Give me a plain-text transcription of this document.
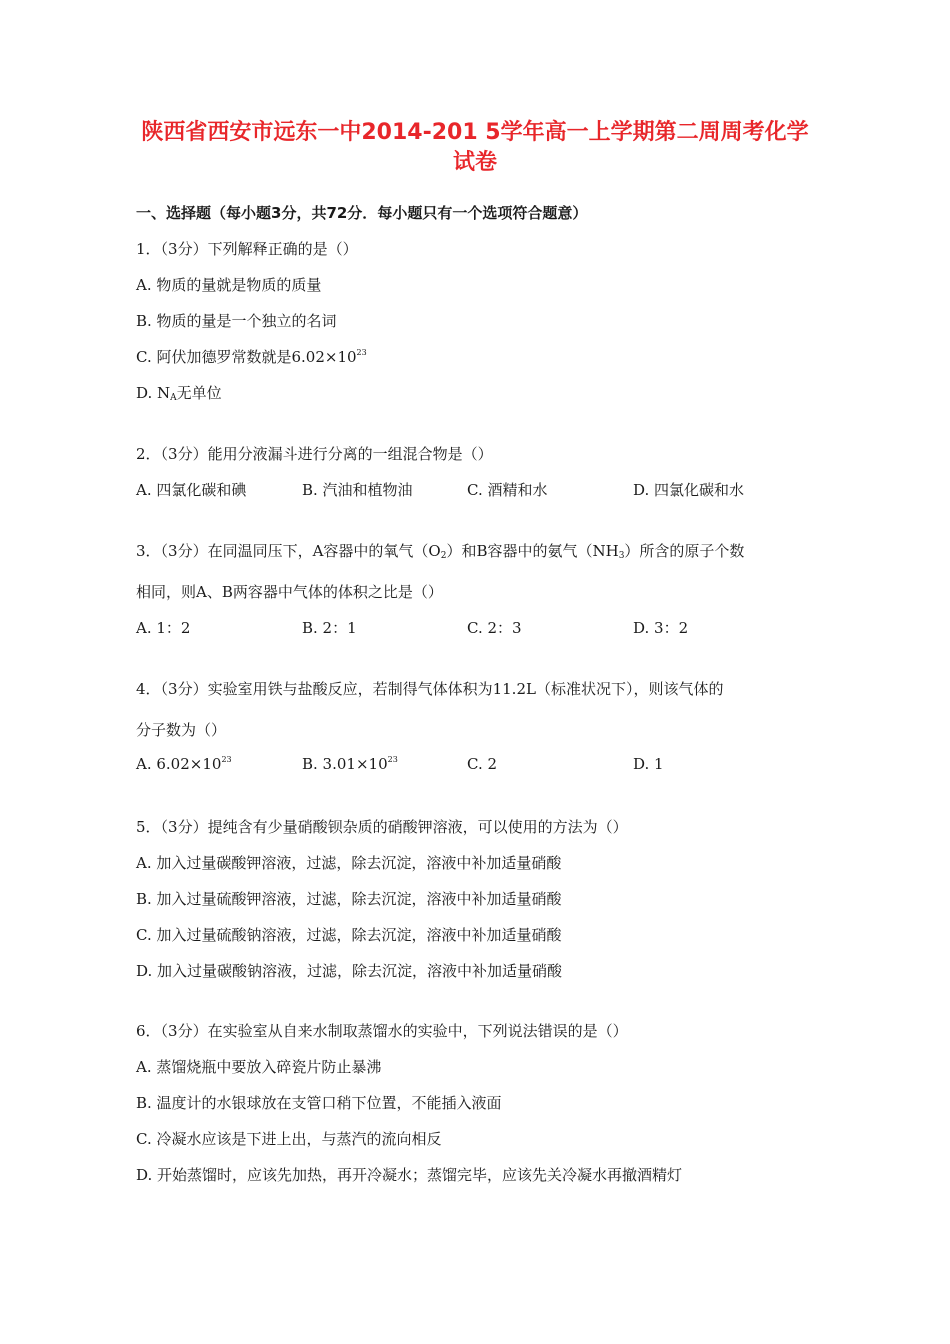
陕西省西安市远东一中2014-201 5学年高一上学期第二周周考化学
试卷
一、选择题（每小题3分，共72分．每小题只有一个选项符合题意）
1．（3分）下列解释正确的是（）
A. 物质的量就是物质的质量
B. 物质的量是一个独立的名词
C. 阿伏加德罗常数就是$6.02\times 10^{23}$
D. $N_A$无单位
2．（3分）能用分液漏斗进行分离的一组混合物是（）
A. 四氯化碳和碘	B. 汽油和植物油	C. 酒精和水	D. 四氯化碳和水
3．（3分）在同温同压下，A容器中的氧气$(O_2)$和B容器中的氨气$(NH_3)$所含的原子个数
相同，则A、B两容器中气体的体积之比是（）
A. 1：2	B. 2：1	C. 2：3	D. 3：2
4．（3分）实验室用铁与盐酸反应，若制得气体体积为11.2L（标准状况下），则该气体的
分子数为（）
A. $6.02\times 10^{23}$	B. $3.01\times 10^{23}$	C. 2	D. 1
5．（3分）提纯含有少量硝酸钡杂质的硝酸钾溶液，可以使用的方法为（）
A. 加入过量碳酸钾溶液，过滤，除去沉淀，溶液中补加适量硝酸
B. 加入过量硫酸钾溶液，过滤，除去沉淀，溶液中补加适量硝酸
C. 加入过量硫酸钠溶液，过滤，除去沉淀，溶液中补加适量硝酸
D. 加入过量碳酸钠溶液，过滤，除去沉淀，溶液中补加适量硝酸
6．（3分）在实验室从自来水制取蒸馏水的实验中，下列说法错误的是（）
A. 蒸馏烧瓶中要放入碎瓷片防止暴沸
B. 温度计的水银球放在支管口稍下位置，不能插入液面
C. 冷凝水应该是下进上出，与蒸汽的流向相反
D. 开始蒸馏时，应该先加热，再开冷凝水；蒸馏完毕，应该先关冷凝水再撤酒精灯
